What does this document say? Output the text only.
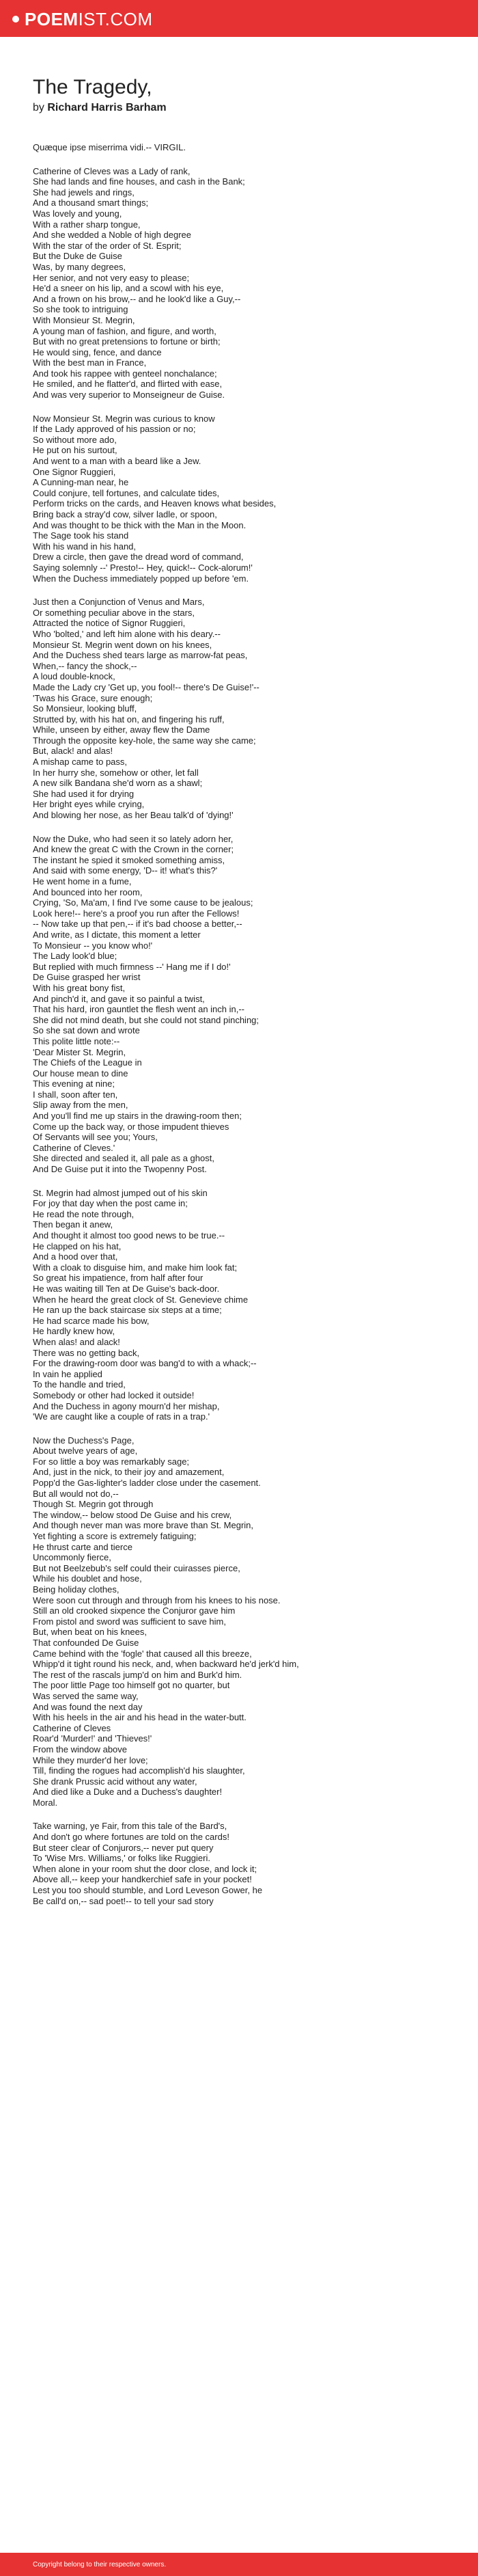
POEM IST.COM
The Tragedy,
by Richard Harris Barham
Quæque ipse miserrima vidi.-- VIRGIL.
Catherine of Cleves was a Lady of rank,
She had lands and fine houses, and cash in the Bank;
She had jewels and rings,
And a thousand smart things;
Was lovely and young,
With a rather sharp tongue,
And she wedded a Noble of high degree
With the star of the order of St. Esprit;
But the Duke de Guise
Was, by many degrees,
Her senior, and not very easy to please;
He'd a sneer on his lip, and a scowl with his eye,
And a frown on his brow,-- and he look'd like a Guy,--
So she took to intriguing
With Monsieur St. Megrin,
A young man of fashion, and figure, and worth,
But with no great pretensions to fortune or birth;
He would sing, fence, and dance
With the best man in France,
And took his rappee with genteel nonchalance;
He smiled, and he flatter'd, and flirted with ease,
And was very superior to Monseigneur de Guise.
Now Monsieur St. Megrin was curious to know
If the Lady approved of his passion or no;
So without more ado,
He put on his surtout,
And went to a man with a beard like a Jew.
One Signor Ruggieri,
A Cunning-man near, he
Could conjure, tell fortunes, and calculate tides,
Perform tricks on the cards, and Heaven knows what besides,
Bring back a stray'd cow, silver ladle, or spoon,
And was thought to be thick with the Man in the Moon.
The Sage took his stand
With his wand in his hand,
Drew a circle, then gave the dread word of command,
Saying solemnly --' Presto!-- Hey, quick!-- Cock-alorum!'
When the Duchess immediately popped up before 'em.
Just then a Conjunction of Venus and Mars,
Or something peculiar above in the stars,
Attracted the notice of Signor Ruggieri,
Who 'bolted,' and left him alone with his deary.--
Monsieur St. Megrin went down on his knees,
And the Duchess shed tears large as marrow-fat peas,
When,-- fancy the shock,--
A loud double-knock,
Made the Lady cry 'Get up, you fool!-- there's De Guise!'--
'Twas his Grace, sure enough;
So Monsieur, looking bluff,
Strutted by, with his hat on, and fingering his ruff,
While, unseen by either, away flew the Dame
Through the opposite key-hole, the same way she came;
But, alack! and alas!
A mishap came to pass,
In her hurry she, somehow or other, let fall
A new silk Bandana she'd worn as a shawl;
She had used it for drying
Her bright eyes while crying,
And blowing her nose, as her Beau talk'd of 'dying!'
Now the Duke, who had seen it so lately adorn her,
And knew the great C with the Crown in the corner;
The instant he spied it smoked something amiss,
And said with some energy, 'D-- it! what's this?'
He went home in a fume,
And bounced into her room,
Crying, 'So, Ma'am, I find I've some cause to be jealous;
Look here!-- here's a proof you run after the Fellows!
-- Now take up that pen,-- if it's bad choose a better,--
And write, as I dictate, this moment a letter
To Monsieur -- you know who!'
The Lady look'd blue;
But replied with much firmness --' Hang me if I do!'
De Guise grasped her wrist
With his great bony fist,
And pinch'd it, and gave it so painful a twist,
That his hard, iron gauntlet the flesh went an inch in,--
She did not mind death, but she could not stand pinching;
So she sat down and wrote
This polite little note:--
'Dear Mister St. Megrin,
The Chiefs of the League in
Our house mean to dine
This evening at nine;
I shall, soon after ten,
Slip away from the men,
And you'll find me up stairs in the drawing-room then;
Come up the back way, or those impudent thieves
Of Servants will see you; Yours,
Catherine of Cleves.'
She directed and sealed it, all pale as a ghost,
And De Guise put it into the Twopenny Post.
St. Megrin had almost jumped out of his skin
For joy that day when the post came in;
He read the note through,
Then began it anew,
And thought it almost too good news to be true.--
He clapped on his hat,
And a hood over that,
With a cloak to disguise him, and make him look fat;
So great his impatience, from half after four
He was waiting till Ten at De Guise's back-door.
When he heard the great clock of St. Genevieve chime
He ran up the back staircase six steps at a time;
He had scarce made his bow,
He hardly knew how,
When alas! and alack!
There was no getting back,
For the drawing-room door was bang'd to with a whack;--
In vain he applied
To the handle and tried,
Somebody or other had locked it outside!
And the Duchess in agony mourn'd her mishap,
'We are caught like a couple of rats in a trap.'
Now the Duchess's Page,
About twelve years of age,
For so little a boy was remarkably sage;
And, just in the nick, to their joy and amazement,
Popp'd the Gas-lighter's ladder close under the casement.
But all would not do,--
Though St. Megrin got through
The window,-- below stood De Guise and his crew,
And though never man was more brave than St. Megrin,
Yet fighting a score is extremely fatiguing;
He thrust carte and tierce
Uncommonly fierce,
But not Beelzebub's self could their cuirasses pierce,
While his doublet and hose,
Being holiday clothes,
Were soon cut through and through from his knees to his nose.
Still an old crooked sixpence the Conjuror gave him
From pistol and sword was sufficient to save him,
But, when beat on his knees,
That confounded De Guise
Came behind with the 'fogle' that caused all this breeze,
Whipp'd it tight round his neck, and, when backward he'd jerk'd him,
The rest of the rascals jump'd on him and Burk'd him.
The poor little Page too himself got no quarter, but
Was served the same way,
And was found the next day
With his heels in the air and his head in the water-butt.
Catherine of Cleves
Roar'd 'Murder!' and 'Thieves!'
From the window above
While they murder'd her love;
Till, finding the rogues had accomplish'd his slaughter,
She drank Prussic acid without any water,
And died like a Duke and a Duchess's daughter!
Moral.
Take warning, ye Fair, from this tale of the Bard's,
And don't go where fortunes are told on the cards!
But steer clear of Conjurors,-- never put query
To 'Wise Mrs. Williams,' or folks like Ruggieri.
When alone in your room shut the door close, and lock it;
Above all,-- keep your handkerchief safe in your pocket!
Lest you too should stumble, and Lord Leveson Gower, he
Be call'd on,-- sad poet!-- to tell your sad story
Copyright belong to their respective owners.
